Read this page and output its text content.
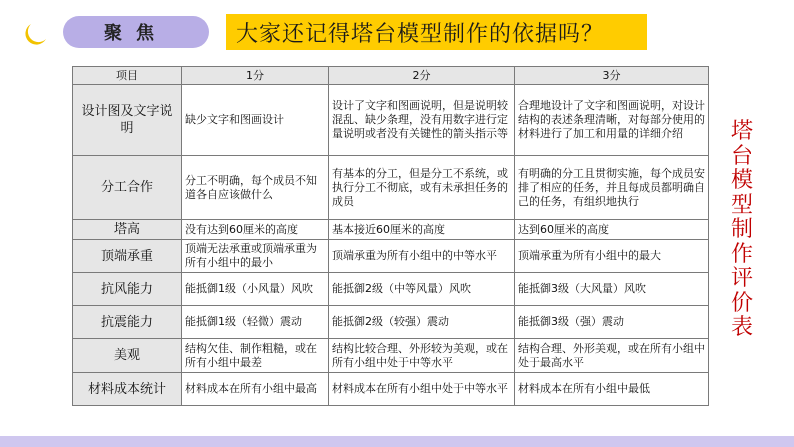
聚焦	大家还记得塔台模型制作的依据吗？
项目	1分	2分	3分
设计图及文字说明	缺少文字和图画设计	设计了文字和图画说明，但是说明较混乱、缺少条理，没有用数字进行定量说明或者没有关键性的箭头指示等	合理地设计了文字和图画说明，对设计结构的表述条理清晰，对每部分使用的材料进行了加工和用量的详细介绍
分工合作	分工不明确，每个成员不知道各自应该做什么	有基本的分工，但是分工不系统，或执行分工不彻底，或有未承担任务的成员	有明确的分工且贯彻实施，每个成员安排了相应的任务，并且每成员都明确自己的任务，有组织地执行
塔高	没有达到60厘米的高度	基本接近60厘米的高度	达到60厘米的高度
顶端承重	顶端无法承重或顶端承重为所有小组中的最小	顶端承重为所有小组中的中等水平	顶端承重为所有小组中的最大
抗风能力	能抵御1级（小风量）风吹	能抵御2级（中等风量）风吹	能抵御3级（大风量）风吹
抗震能力	能抵御1级（轻微）震动	能抵御2级（较强）震动	能抵御3级（强）震动
美观	结构欠佳、制作粗糙，或在所有小组中最差	结构比较合理、外形较为美观，或在所有小组中处于中等水平	结构合理、外形美观，或在所有小组中处于最高水平
材料成本统计	材料成本在所有小组中最高	材料成本在所有小组中处于中等水平	材料成本在所有小组中最低
塔台模型制作评价表
